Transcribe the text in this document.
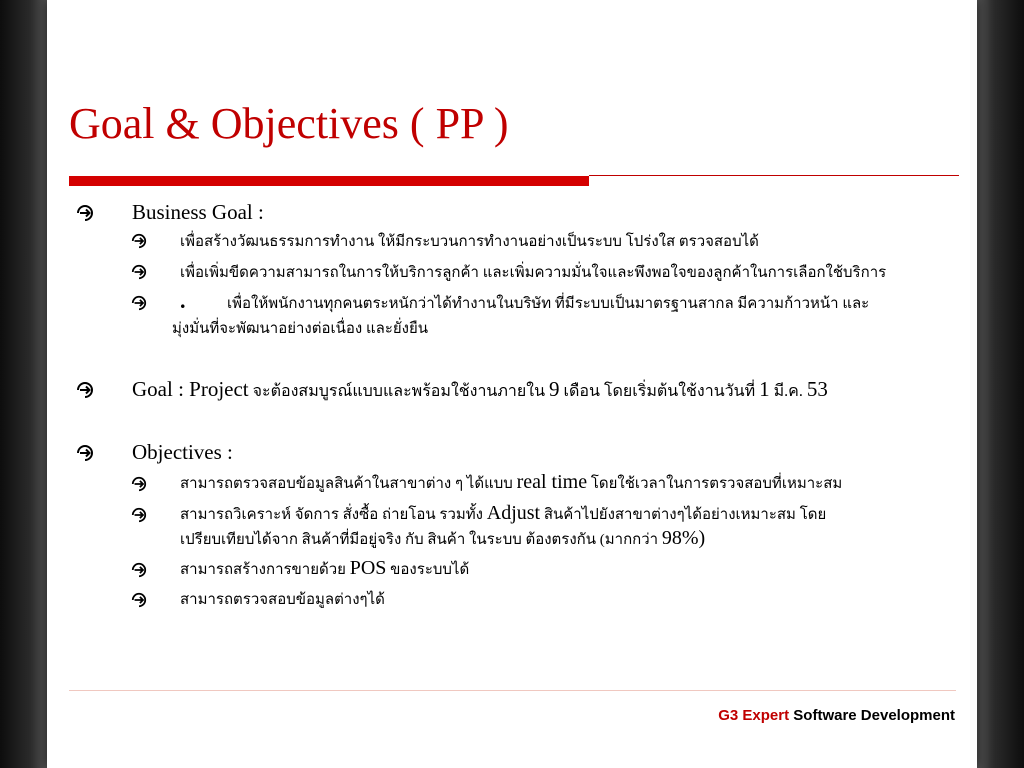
Goal & Objectives ( PP )
Business Goal :
เพื่อสร้างวัฒนธรรมการทำงาน ให้มีกระบวนการทำงานอย่างเป็นระบบ โปร่งใส ตรวจสอบได้
เพื่อเพิ่มขีดความสามารถในการให้บริการลูกค้า และเพิ่มความมั่นใจและพึงพอใจของลูกค้าในการเลือกใช้บริการ
.	เพื่อให้พนักงานทุกคนตระหนักว่าได้ทำงานในบริษัท ที่มีระบบเป็นมาตรฐานสากล มีความก้าวหน้า และ
มุ่งมั่นที่จะพัฒนาอย่างต่อเนื่อง และยั่งยืน
Goal : Project จะต้องสมบูรณ์แบบและพร้อมใช้งานภายใน 9 เดือน โดยเริ่มต้นใช้งานวันที่ 1 มี.ค. 53
Objectives :
สามารถตรวจสอบข้อมูลสินค้าในสาขาต่าง ๆ ได้แบบ real time โดยใช้เวลาในการตรวจสอบที่เหมาะสม
สามารถวิเคราะห์ จัดการ สั่งซื้อ ถ่ายโอน รวมทั้ง Adjust สินค้าไปยังสาขาต่างๆได้อย่างเหมาะสม โดย
เปรียบเทียบได้จาก สินค้าที่มีอยู่จริง กับ สินค้า ในระบบ ต้องตรงกัน (มากกว่า 98%)
สามารถสร้างการขายด้วย POS ของระบบได้
สามารถตรวจสอบข้อมูลต่างๆได้
G3 Expert Software Development
